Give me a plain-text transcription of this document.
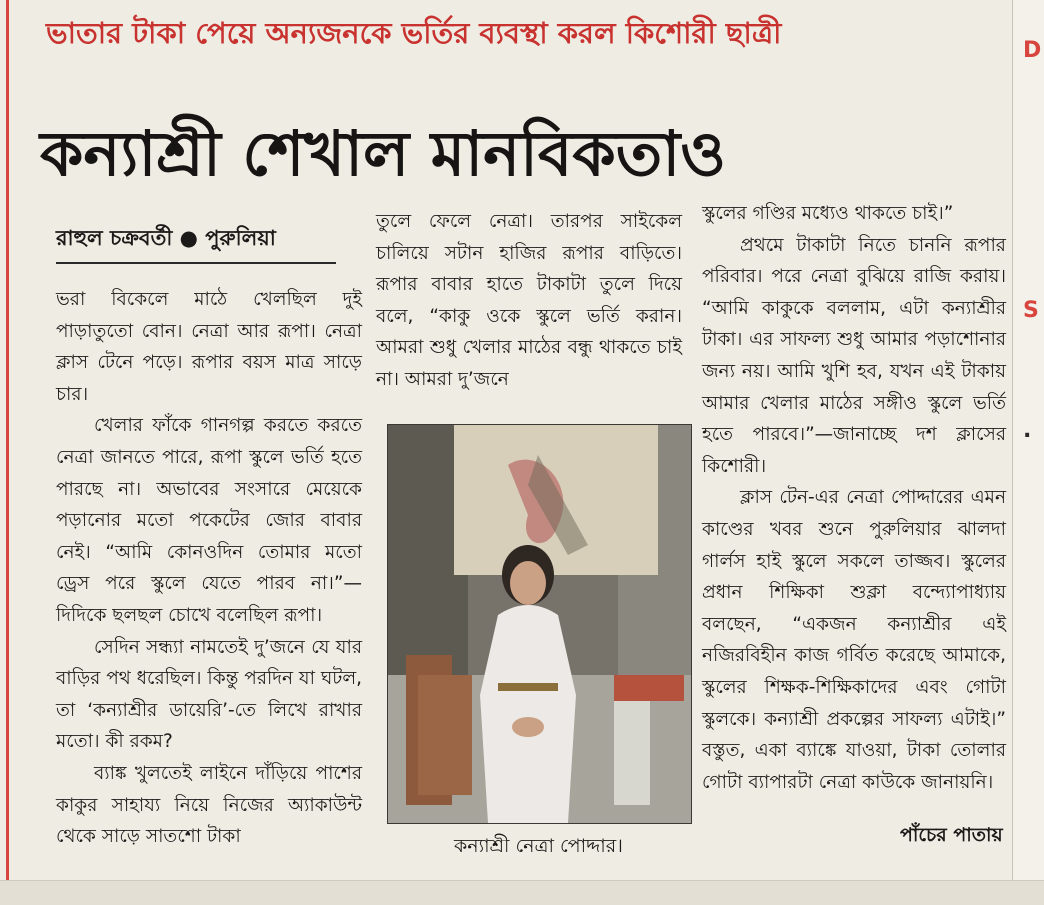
D
S
.
ভাতার টাকা পেয়ে অন্যজনকে ভর্তির ব্যবস্থা করল কিশোরী ছাত্রী
কন্যাশ্রী শেখাল মানবিকতাও
রাহুল চক্রবর্তী ● পুরুলিয়া

ভরা বিকেলে মাঠে খেলছিল দুই পাড়াতুতো বোন। নেত্রা আর রূপা। নেত্রা ক্লাস টেনে পড়ে। রূপার বয়স মাত্র সাড়ে চার।

খেলার ফাঁকে গানগল্প করতে করতে নেত্রা জানতে পারে, রূপা স্কুলে ভর্তি হতে পারছে না। অভাবের সংসারে মেয়েকে পড়ানোর মতো পকেটের জোর বাবার নেই। “আমি কোনওদিন তোমার মতো ড্রেস পরে স্কুলে যেতে পারব না।”—দিদিকে ছলছল চোখে বলেছিল রূপা।

সেদিন সন্ধ্যা নামতেই দু’জনে যে যার বাড়ির পথ ধরেছিল। কিন্তু পরদিন যা ঘটল, তা ‘কন্যাশ্রীর ডায়েরি’-তে লিখে রাখার মতো। কী রকম?

ব্যাঙ্ক খুলতেই লাইনে দাঁড়িয়ে পাশের কাকুর সাহায্য নিয়ে নিজের অ্যাকাউন্ট থেকে সাড়ে সাতশো টাকা

তুলে ফেলে নেত্রা। তারপর সাইকেল চালিয়ে সটান হাজির রূপার বাড়িতে। রূপার বাবার হাতে টাকাটা তুলে দিয়ে বলে, “কাকু ওকে স্কুলে ভর্তি করান। আমরা শুধু খেলার মাঠের বন্ধু থাকতে চাই না। আমরা দু’জনে

কন্যাশ্রী নেত্রা পোদ্দার।

স্কুলের গণ্ডির মধ্যেও থাকতে চাই।”

প্রথমে টাকাটা নিতে চাননি রূপার পরিবার। পরে নেত্রা বুঝিয়ে রাজি করায়। “আমি কাকুকে বললাম, এটা কন্যাশ্রীর টাকা। এর সাফল্য শুধু আমার পড়াশোনার জন্য নয়। আমি খুশি হব, যখন এই টাকায় আমার খেলার মাঠের সঙ্গীও স্কুলে ভর্তি হতে পারবে।”—জানাচ্ছে দশ ক্লাসের কিশোরী।

ক্লাস টেন-এর নেত্রা পোদ্দারের এমন কাণ্ডের খবর শুনে পুরুলিয়ার ঝালদা গার্লস হাই স্কুলে সকলে তাজ্জব। স্কুলের প্রধান শিক্ষিকা শুক্লা বন্দ্যোপাধ্যায় বলছেন, “একজন কন্যাশ্রীর এই নজিরবিহীন কাজ গর্বিত করেছে আমাকে, স্কুলের শিক্ষক-শিক্ষিকাদের এবং গোটা স্কুলকে। কন্যাশ্রী প্রকল্পের সাফল্য এটাই।” বস্তুত, একা ব্যাঙ্কে যাওয়া, টাকা তোলার গোটা ব্যাপারটা নেত্রা কাউকে জানায়নি।

পাঁচের পাতায়
